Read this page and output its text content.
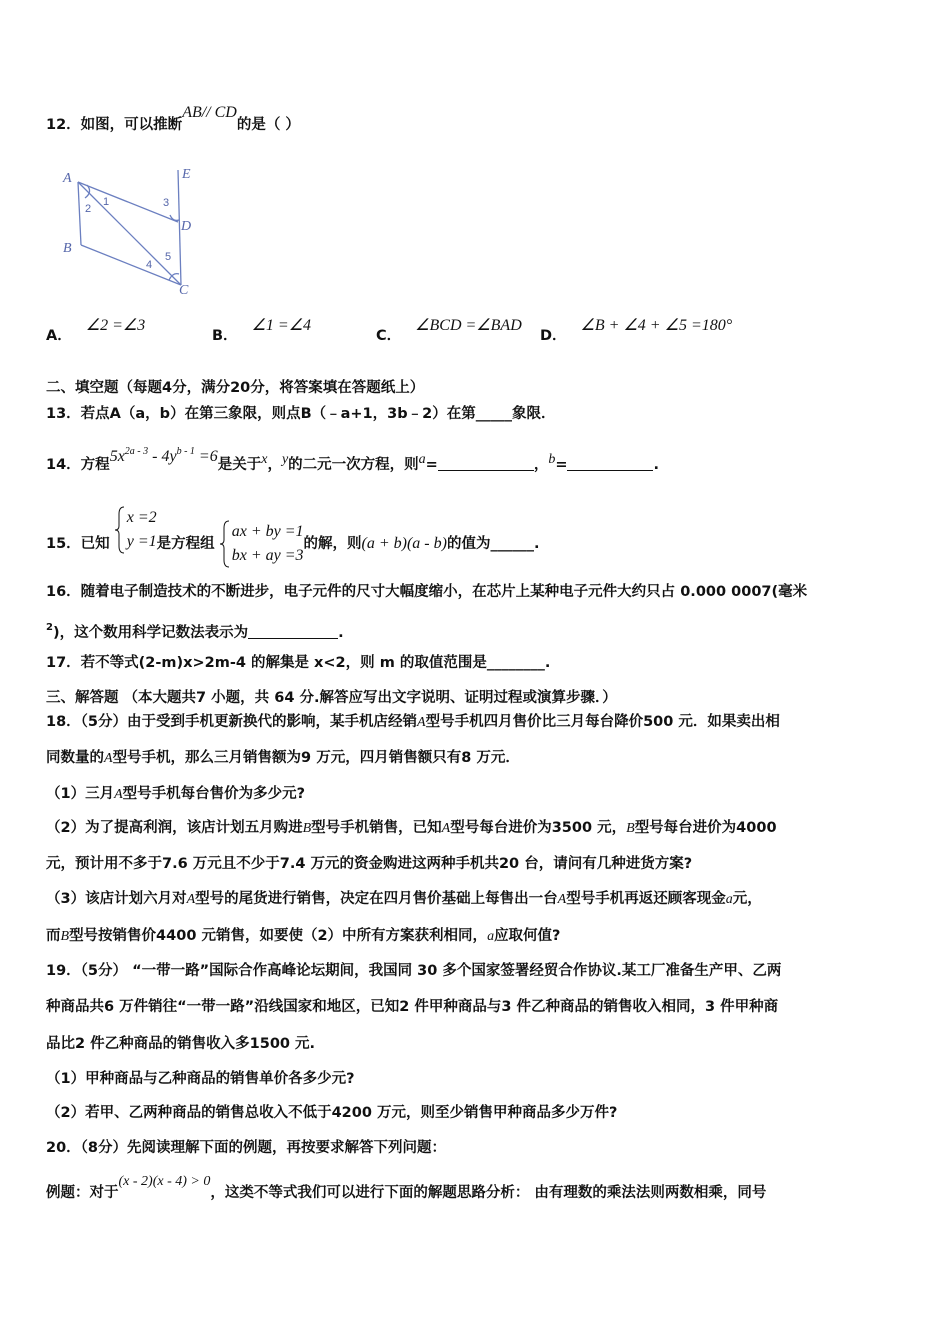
12．如图，可以推断AB// CD的是（ ）
A
B
C
D
E
1
2	3
4
5
A．∠2 =∠3
B．∠1 =∠4
C．∠BCD =∠BAD
D．∠B + ∠4 + ∠5 =180°
二、填空题（每题4分，满分20分，将答案填在答题纸上）
13．若点A（a，b）在第三象限，则点B（﹣a+1，3b﹣2）在第_____象限．
14．方程$5x^{2a - 3} - 4y^{b - 1} =6$是关于x，y的二元一次方程，则a=	，b=	.
15．已知
x =2
y =1 是方程组
ax + by =1
bx + ay =3
的解，则(a + b)(a - b)的值为______.
16．随着电子制造技术的不断进步，电子元件的尺寸大幅度缩小，在芯片上某种电子元件大约只占 0.000 0007(毫米
$^2$)，这个数用科学记数法表示为	.
17．若不等式(2-m)x>2m-4 的解集是 x<2，则 m 的取值范围是________.
三、解答题 （本大题共7 小题，共 64 分.解答应写出文字说明、证明过程或演算步骤．）
18．（5分）由于受到手机更新换代的影响，某手机店经销A型号手机四月售价比三月每台降价500 元．如果卖出相
同数量的A型号手机，那么三月销售额为9 万元，四月销售额只有8 万元．
（1）三月A型号手机每台售价为多少元?
（2）为了提高利润，该店计划五月购进B型号手机销售，已知A型号每台进价为3500 元，B型号每台进价为4000
元，预计用不多于7.6 万元且不少于7.4 万元的资金购进这两种手机共20 台，请问有几种进货方案?
（3）该店计划六月对A型号的尾货进行销售，决定在四月售价基础上每售出一台A型号手机再返还顾客现金a元，
而B型号按销售价4400 元销售，如要使（2）中所有方案获利相同，a应取何值?
19．（5分） “一带一路”国际合作高峰论坛期间，我国同 30 多个国家签署经贸合作协议.某工厂准备生产甲、乙两
种商品共6 万件销往“一带一路”沿线国家和地区，已知2 件甲种商品与3 件乙种商品的销售收入相同，3 件甲种商
品比2 件乙种商品的销售收入多1500 元.
（1）甲种商品与乙种商品的销售单价各多少元?
（2）若甲、乙两种商品的销售总收入不低于4200 万元，则至少销售甲种商品多少万件?
20．（8分）先阅读理解下面的例题，再按要求解答下列问题：
例题：对于(x - 2)(x - 4) > 0，这类不等式我们可以进行下面的解题思路分析： 由有理数的乘法法则两数相乘，同号
